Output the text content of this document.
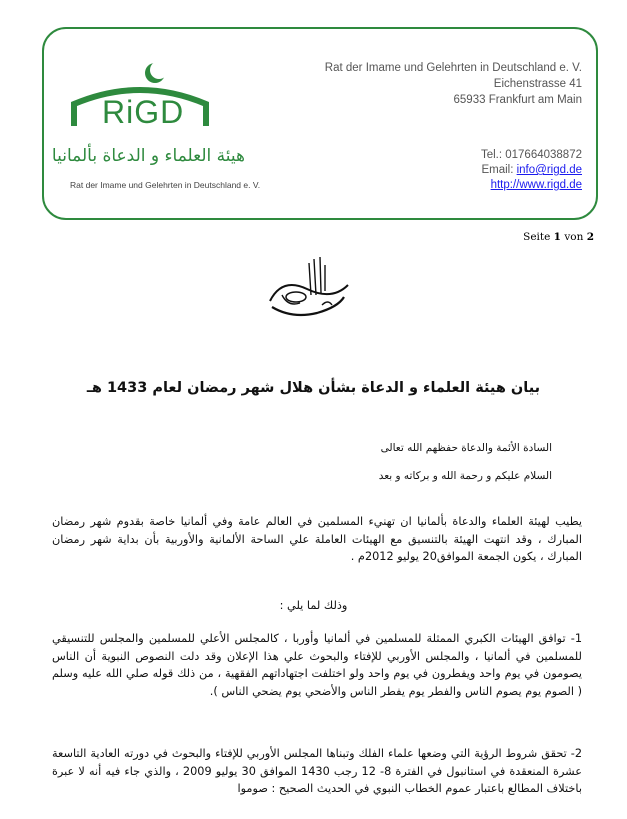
RiGD
هيئة العلماء و الدعاة بألمانيا
Rat der Imame und Gelehrten in Deutschland e. V.
Rat der Imame und Gelehrten in Deutschland e. V.
Eichenstrasse 41
65933 Frankfurt am Main
Tel.: 017664038872
Email: info@rigd.de
http://www.rigd.de
Seite 1 von 2
بيان هيئة العلماء و الدعاة بشأن هلال شهر رمضان لعام 1433 هـ
السادة الأئمة والدعاة حفظهم الله تعالى
السلام عليكم و رحمة الله و بركاته و بعد
يطيب لهيئة العلماء والدعاة بألمانيا ان تهنيء المسلمين في العالم عامة وفي ألمانيا خاصة بقدوم شهر رمضان المبارك ، وقد انتهت الهيئة بالتنسيق مع الهيئات العاملة علي الساحة الألمانية والأوربية بأن بداية شهر رمضان المبارك ، يكون الجمعة الموافق20 يوليو 2012م .
وذلك لما يلي :
1- توافق الهيئات الكبري الممثلة للمسلمين في ألمانيا وأوربا ، كالمجلس الأعلي للمسلمين والمجلس للتنسيقي للمسلمين في ألمانيا ، والمجلس الأوربي للإفتاء والبحوث علي هذا الإعلان وقد دلت النصوص النبوية أن الناس يصومون في يوم واحد ويفطرون في يوم واحد ولو اختلفت اجتهاداتهم الفقهية ، من ذلك قوله صلي الله عليه وسلم ( الصوم يوم يصوم الناس والفطر يوم يفطر الناس والأضحي يوم يضحي الناس ).
2- تحقق شروط الرؤية التي وضعها علماء الفلك وتبناها المجلس الأوربي للإفتاء والبحوث في دورته العادية التاسعة عشرة المنعقدة في استانبول في الفترة 8- 12 رجب 1430 الموافق 30 يوليو 2009 ، والذي جاء فيه أنه لا عبرة باختلاف المطالع باعتبار عموم الخطاب النبوي في الحديث الصحيح : صوموا
